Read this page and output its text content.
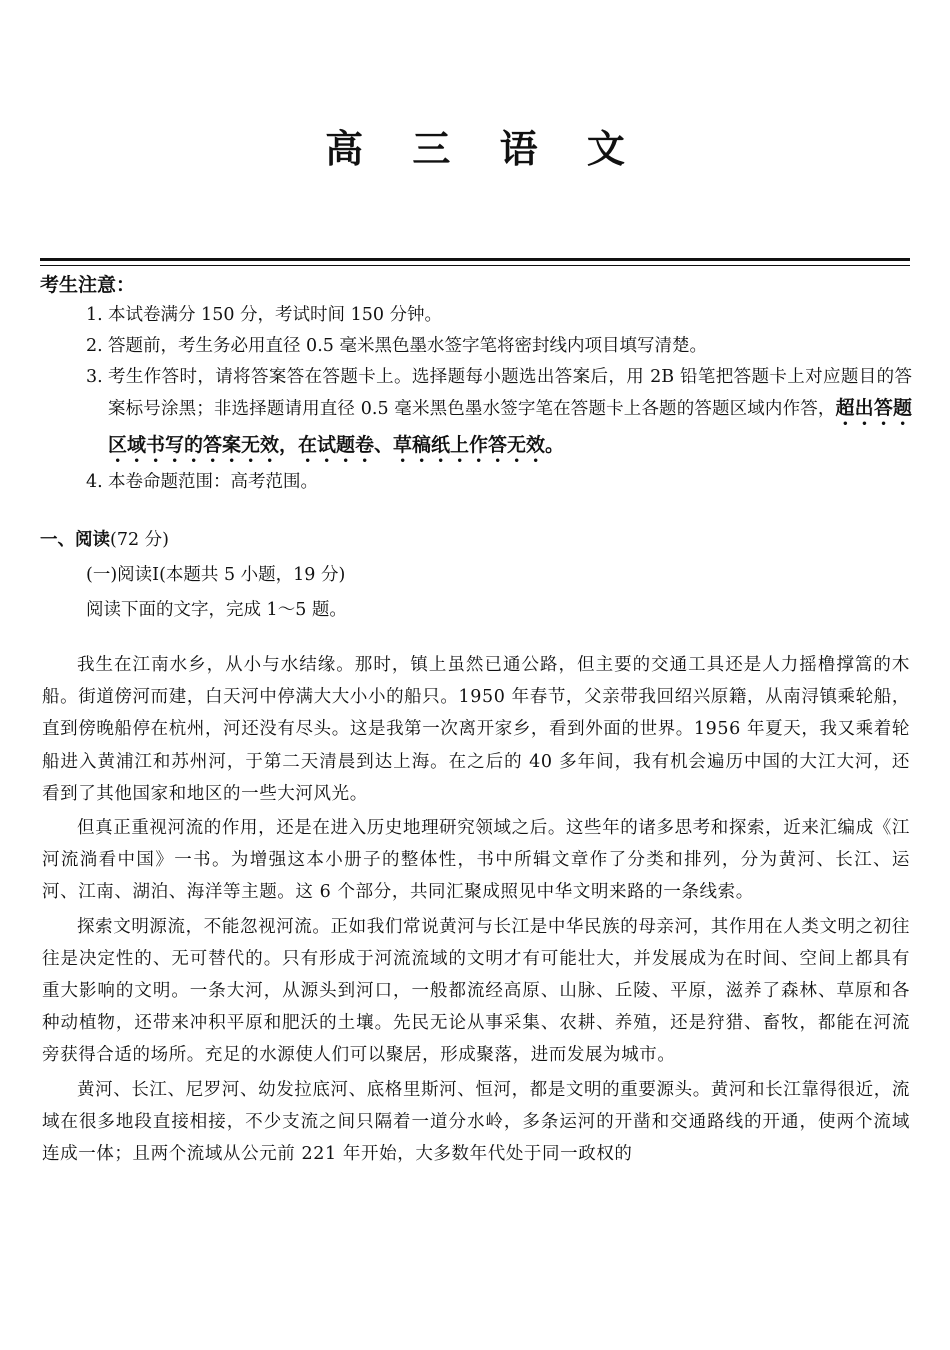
高 三 语 文
考生注意：
1. 本试卷满分 150 分，考试时间 150 分钟。
2. 答题前，考生务必用直径 0.5 毫米黑色墨水签字笔将密封线内项目填写清楚。
3. 考生作答时，请将答案答在答题卡上。选择题每小题选出答案后，用 2B 铅笔把答题卡上对应题目的答案标号涂黑；非选择题请用直径 0.5 毫米黑色墨水签字笔在答题卡上各题的答题区域内作答，超出答题区域书写的答案无效，在试题卷、草稿纸上作答无效。
4. 本卷命题范围：高考范围。
一、阅读(72 分)
(一)阅读Ⅰ(本题共 5 小题，19 分)
阅读下面的文字，完成 1～5 题。

我生在江南水乡，从小与水结缘。那时，镇上虽然已通公路，但主要的交通工具还是人力摇橹撑篙的木船。街道傍河而建，白天河中停满大大小小的船只。1950 年春节，父亲带我回绍兴原籍，从南浔镇乘轮船，直到傍晚船停在杭州，河还没有尽头。这是我第一次离开家乡，看到外面的世界。1956 年夏天，我又乘着轮船进入黄浦江和苏州河，于第二天清晨到达上海。在之后的 40 多年间，我有机会遍历中国的大江大河，还看到了其他国家和地区的一些大河风光。

但真正重视河流的作用，还是在进入历史地理研究领域之后。这些年的诸多思考和探索，近来汇编成《江河流淌看中国》一书。为增强这本小册子的整体性，书中所辑文章作了分类和排列，分为黄河、长江、运河、江南、湖泊、海洋等主题。这 6 个部分，共同汇聚成照见中华文明来路的一条线索。

探索文明源流，不能忽视河流。正如我们常说黄河与长江是中华民族的母亲河，其作用在人类文明之初往往是决定性的、无可替代的。只有形成于河流流域的文明才有可能壮大，并发展成为在时间、空间上都具有重大影响的文明。一条大河，从源头到河口，一般都流经高原、山脉、丘陵、平原，滋养了森林、草原和各种动植物，还带来冲积平原和肥沃的土壤。先民无论从事采集、农耕、养殖，还是狩猎、畜牧，都能在河流旁获得合适的场所。充足的水源使人们可以聚居，形成聚落，进而发展为城市。

黄河、长江、尼罗河、幼发拉底河、底格里斯河、恒河，都是文明的重要源头。黄河和长江靠得很近，流域在很多地段直接相接，不少支流之间只隔着一道分水岭，多条运河的开凿和交通路线的开通，使两个流域连成一体；且两个流域从公元前 221 年开始，大多数年代处于同一政权的
